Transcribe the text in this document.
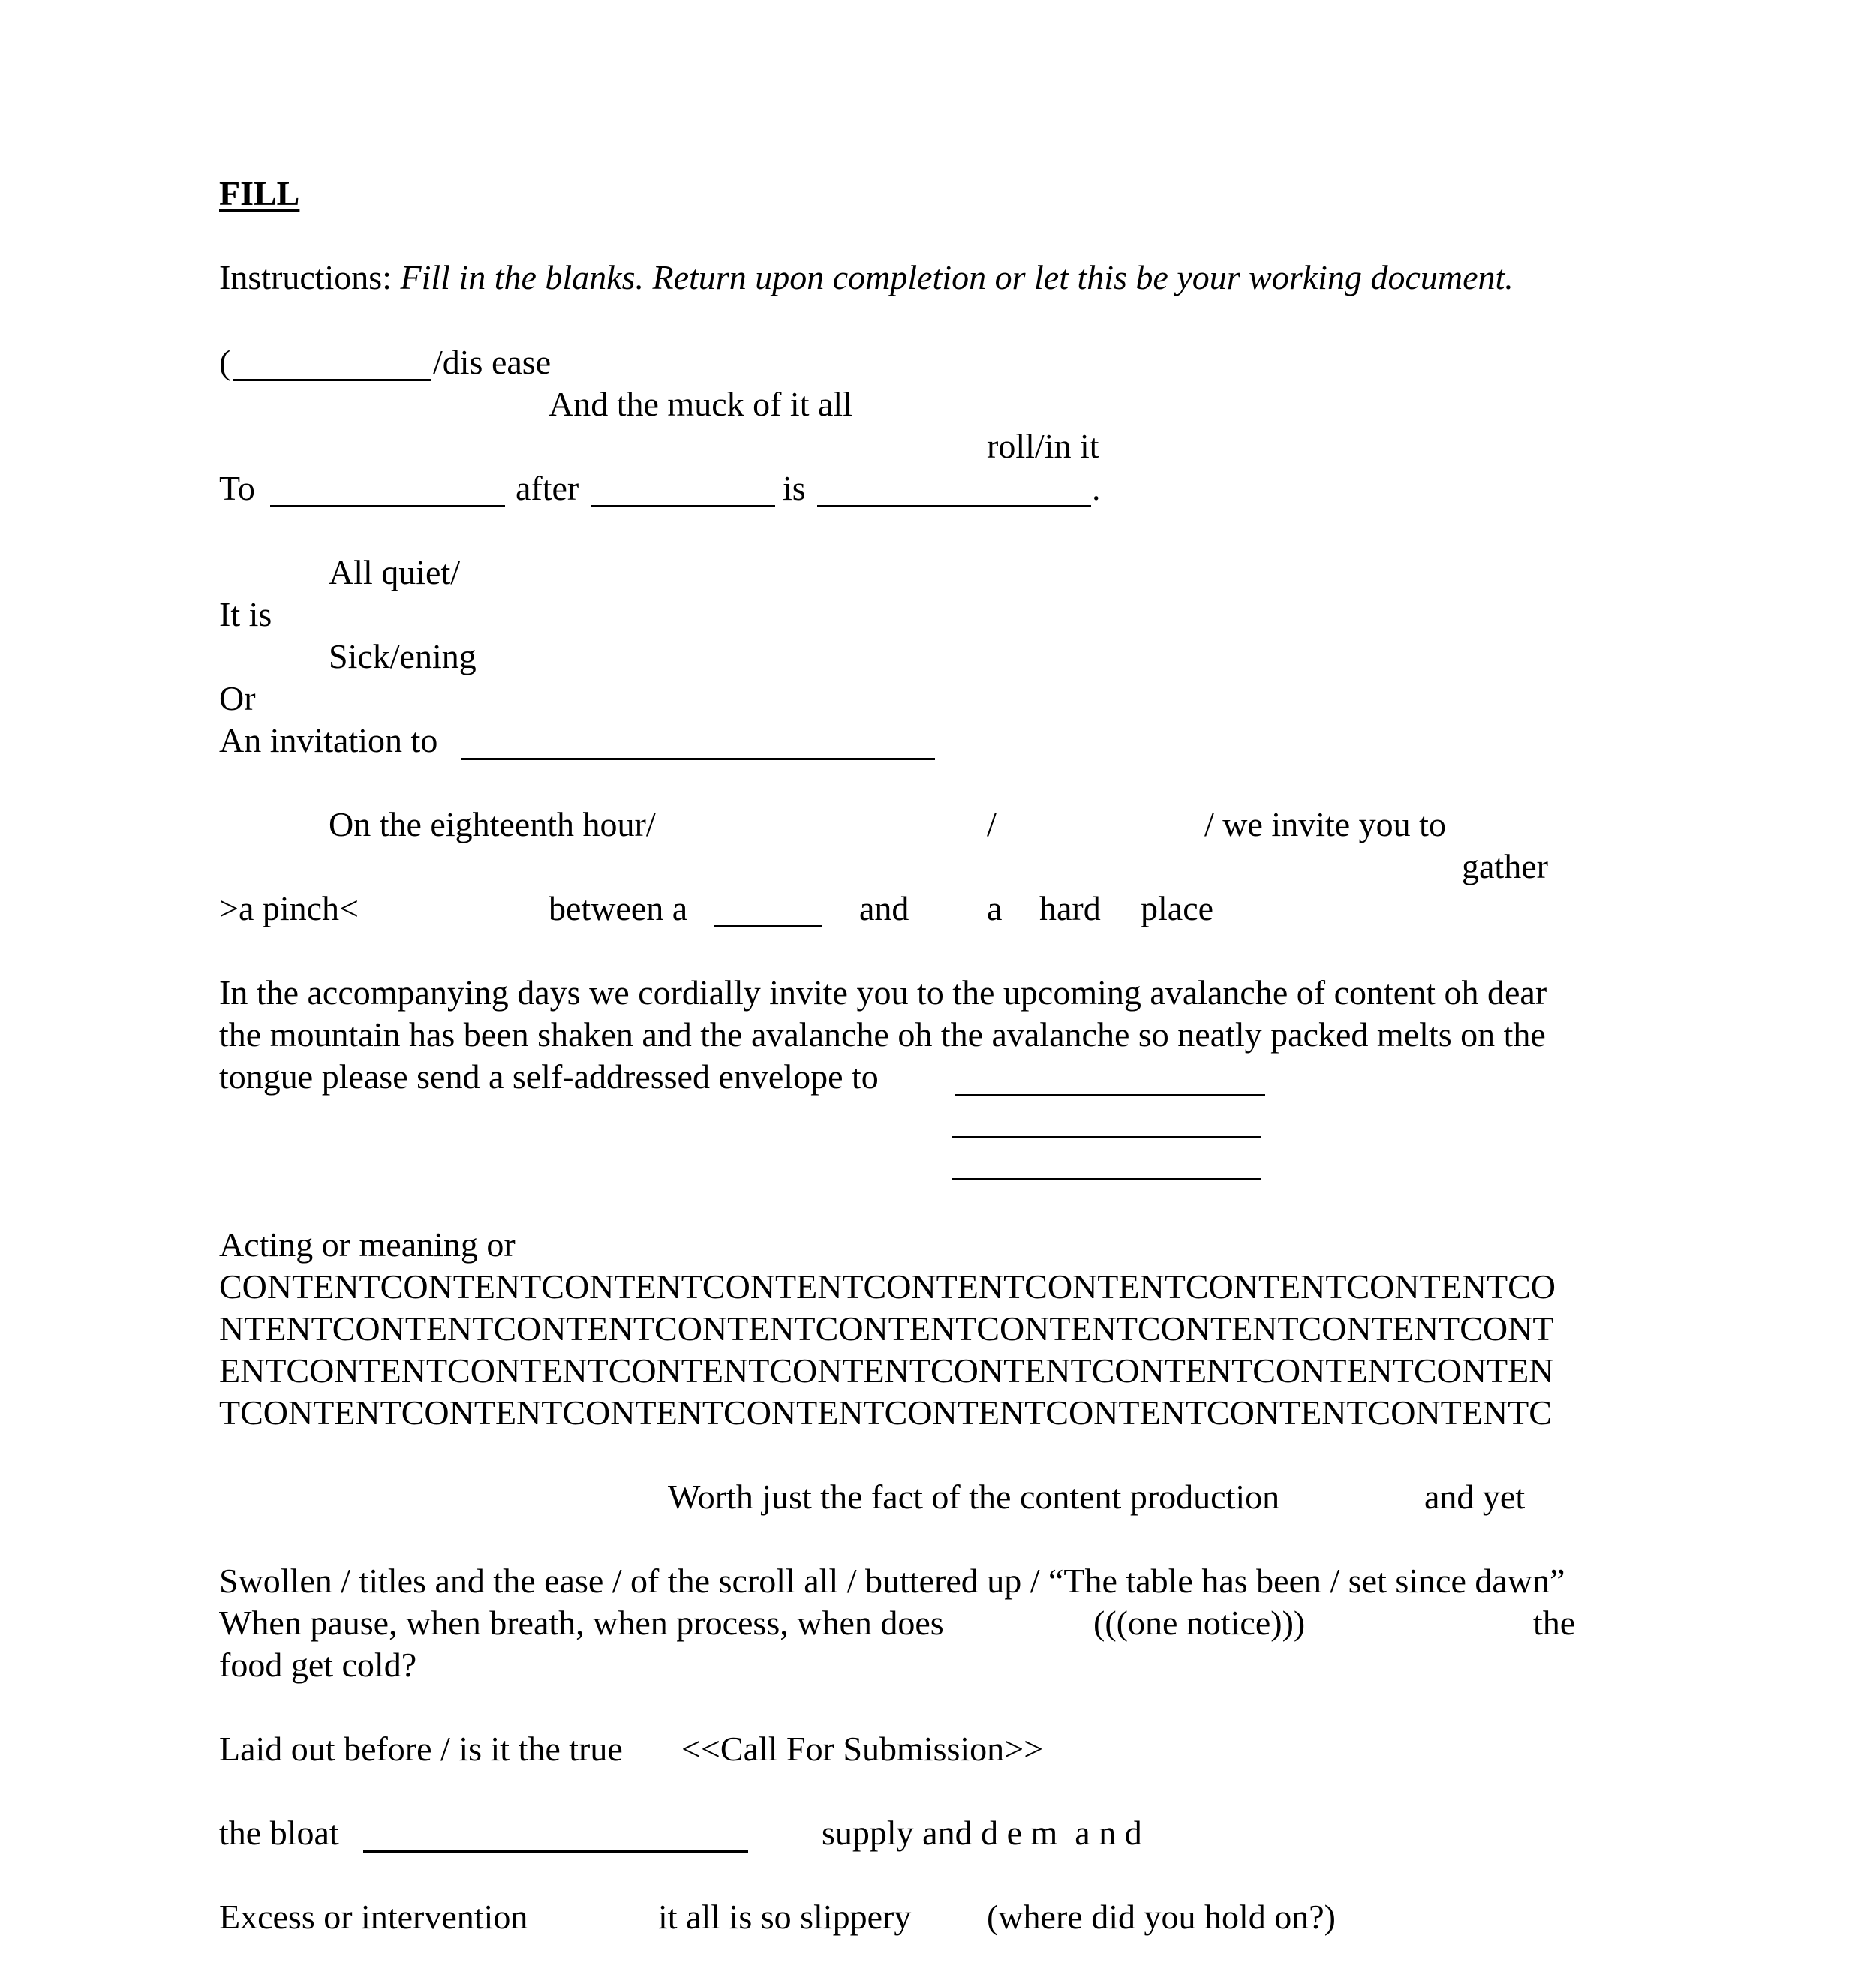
FILL
Instructions: Fill in the blanks. Return upon completion or let this be your working document.
(	/dis ease
And the muck of it all
roll/in it
To	after	is	.
All quiet/
It is
Sick/ening
Or
An invitation to
On the eighteenth hour/	/	/ we invite you to
gather
>a pinch<	between a	and a hard place
In the accompanying days we cordially invite you to the upcoming avalanche of content oh dear
the mountain has been shaken and the avalanche oh the avalanche so neatly packed melts on the
tongue please send a self-addressed envelope to
Acting or meaning or
CONTENTCONTENTCONTENTCONTENTCONTENTCONTENTCONTENTCONTENTCO
NTENTCONTENTCONTENTCONTENTCONTENTCONTENTCONTENTCONTENTCONT
ENTCONTENTCONTENTCONTENTCONTENTCONTENTCONTENTCONTENTCONTEN
TCONTENTCONTENTCONTENTCONTENTCONTENTCONTENTCONTENTCONTENTC
Worth just the fact of the content production	and yet
Swollen / titles and the ease / of the scroll all / buttered up / “The table has been / set since dawn”
When pause, when breath, when process, when does	(((one notice)))	the
food get cold?
Laid out before / is it the true <<Call For Submission>>
the bloat	supply and d e m  a n d
Excess or intervention	it all is so slippery (where did you hold on?)
